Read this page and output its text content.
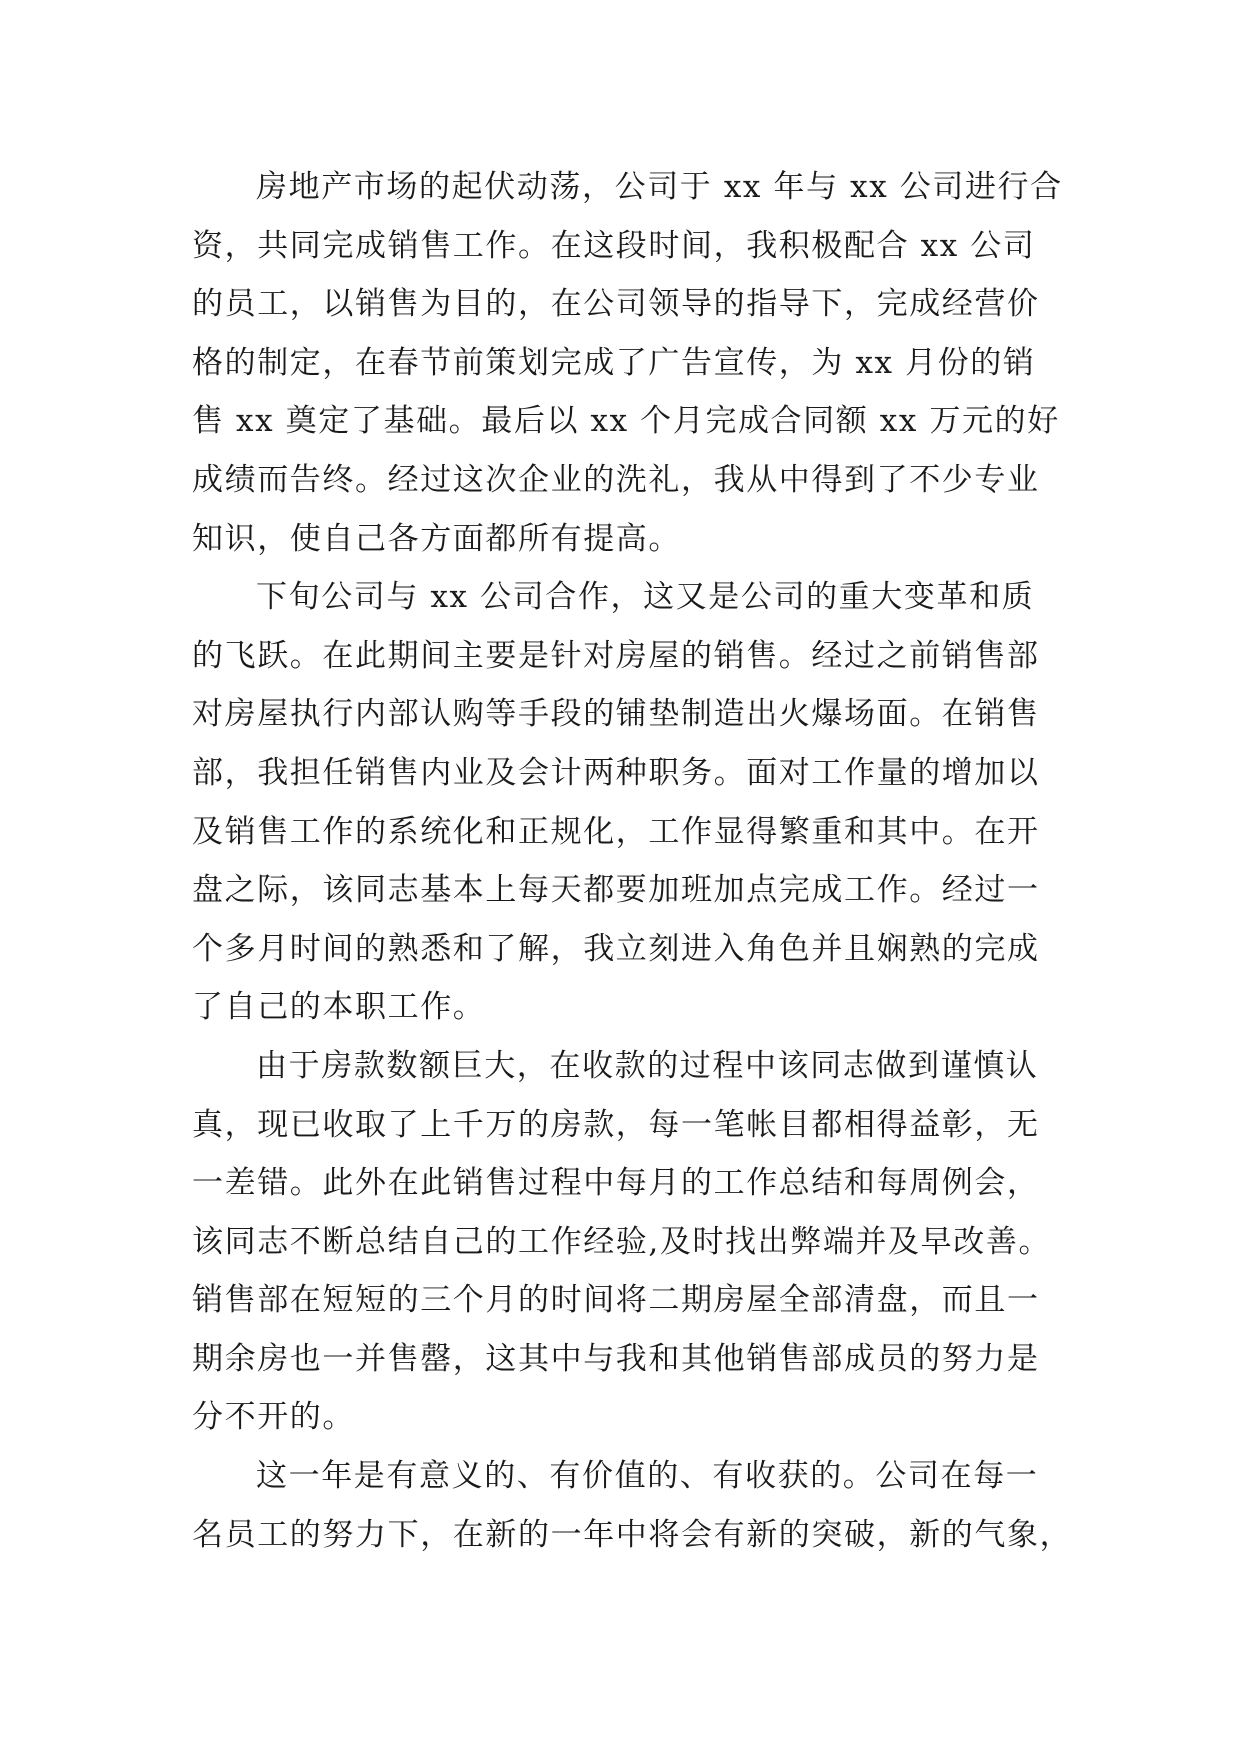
房地产市场的起伏动荡，公司于 xx 年与 xx 公司进行合
资，共同完成销售工作。在这段时间，我积极配合 xx 公司
的员工，以销售为目的，在公司领导的指导下，完成经营价
格的制定，在春节前策划完成了广告宣传，为 xx 月份的销
售 xx 奠定了基础。最后以 xx 个月完成合同额 xx 万元的好
成绩而告终。经过这次企业的洗礼，我从中得到了不少专业
知识，使自己各方面都所有提高。
下旬公司与 xx 公司合作，这又是公司的重大变革和质
的飞跃。在此期间主要是针对房屋的销售。经过之前销售部
对房屋执行内部认购等手段的铺垫制造出火爆场面。在销售
部，我担任销售内业及会计两种职务。面对工作量的增加以
及销售工作的系统化和正规化，工作显得繁重和其中。在开
盘之际，该同志基本上每天都要加班加点完成工作。经过一
个多月时间的熟悉和了解，我立刻进入角色并且娴熟的完成
了自己的本职工作。
由于房款数额巨大，在收款的过程中该同志做到谨慎认
真，现已收取了上千万的房款，每一笔帐目都相得益彰，无
一差错。此外在此销售过程中每月的工作总结和每周例会，
该同志不断总结自己的工作经验,及时找出弊端并及早改善。
销售部在短短的三个月的时间将二期房屋全部清盘，而且一
期余房也一并售罄，这其中与我和其他销售部成员的努力是
分不开的。
这一年是有意义的、有价值的、有收获的。公司在每一
名员工的努力下，在新的一年中将会有新的突破，新的气象，
